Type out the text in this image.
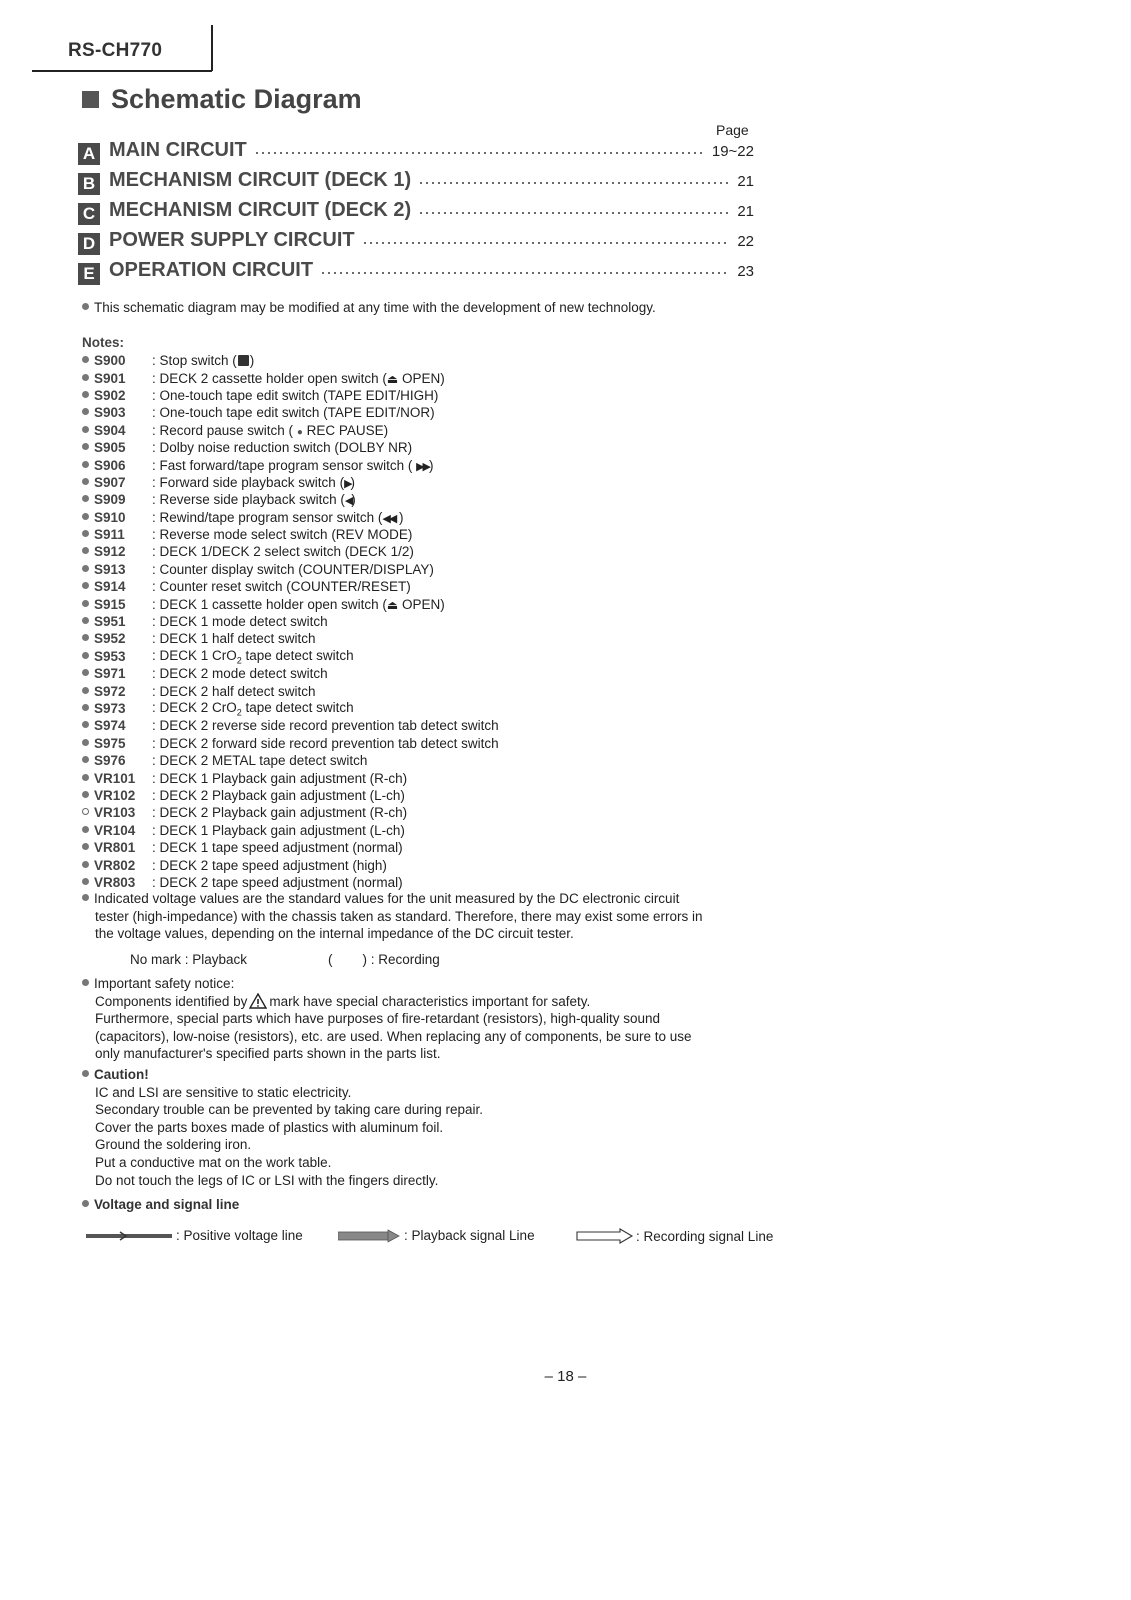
RS-CH770
Schematic Diagram
Page
A MAIN CIRCUIT	19~22
B MECHANISM CIRCUIT (DECK 1)	21
C MECHANISM CIRCUIT (DECK 2)	21
D POWER SUPPLY CIRCUIT	22
E OPERATION CIRCUIT	23
This schematic diagram may be modified at any time with the development of new technology.
Notes:
S900	: Stop switch ( )
S901	: DECK 2 cassette holder open switch (⏏ OPEN)
S902	: One-touch tape edit switch (TAPE EDIT/HIGH)
S903	: One-touch tape edit switch (TAPE EDIT/NOR)
S904	: Record pause switch ( ● REC PAUSE)
S905	: Dolby noise reduction switch (DOLBY NR)
S906	: Fast forward/tape program sensor switch ( ▶▶)
S907	: Forward side playback switch (▶)
S909	: Reverse side playback switch (◀)
S910	: Rewind/tape program sensor switch (◀◀ )
S911	: Reverse mode select switch (REV MODE)
S912	: DECK 1/DECK 2 select switch (DECK 1/2)
S913	: Counter display switch (COUNTER/DISPLAY)
S914	: Counter reset switch (COUNTER/RESET)
S915	: DECK 1 cassette holder open switch (⏏ OPEN)
S951	: DECK 1 mode detect switch
S952	: DECK 1 half detect switch
S953	: DECK 1 CrO$_2$ tape detect switch
S971	: DECK 2 mode detect switch
S972	: DECK 2 half detect switch
S973	: DECK 2 CrO$_2$ tape detect switch
S974	: DECK 2 reverse side record prevention tab detect switch
S975	: DECK 2 forward side record prevention tab detect switch
S976	: DECK 2 METAL tape detect switch
VR101	: DECK 1 Playback gain adjustment (R-ch)
VR102	: DECK 2 Playback gain adjustment (L-ch)
VR103	: DECK 2 Playback gain adjustment (R-ch)
VR104	: DECK 1 Playback gain adjustment (L-ch)
VR801	: DECK 1 tape speed adjustment (normal)
VR802	: DECK 2 tape speed adjustment (high)
VR803	: DECK 2 tape speed adjustment (normal)
Indicated voltage values are the standard values for the unit measured by the DC electronic circuit
tester (high-impedance) with the chassis taken as standard. Therefore, there may exist some errors in
the voltage values, depending on the internal impedance of the DC circuit tester.
No mark : Playback	(        ) : Recording
Important safety notice:
Components identified by mark have special characteristics important for safety.
Furthermore, special parts which have purposes of fire-retardant (resistors), high-quality sound
(capacitors), low-noise (resistors), etc. are used. When replacing any of components, be sure to use
only manufacturer's specified parts shown in the parts list.
Caution!
IC and LSI are sensitive to static electricity.
Secondary trouble can be prevented by taking care during repair.
Cover the parts boxes made of plastics with aluminum foil.
Ground the soldering iron.
Put a conductive mat on the work table.
Do not touch the legs of IC or LSI with the fingers directly.
Voltage and signal line
: Positive voltage line	: Playback signal Line	: Recording signal Line
– 18 –
